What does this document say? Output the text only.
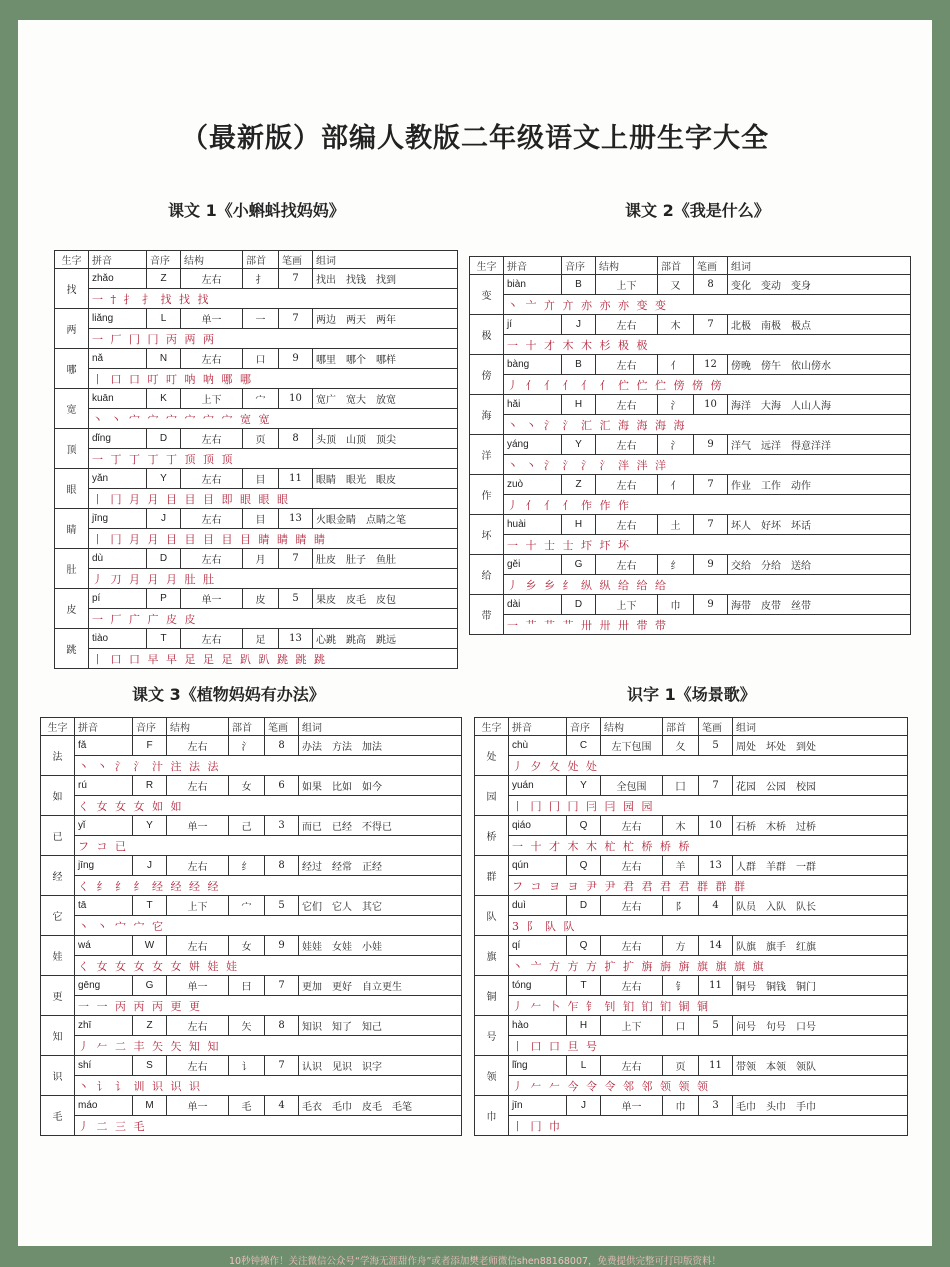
（最新版）部编人教版二年级语文上册生字大全
课文 1《小蝌蚪找妈妈》	课文 2《我是什么》
课文 3《植物妈妈有办法》	识字 1《场景歌》
生字	拼音	音序	结构	部首	笔画	组词
找	zhǎo	Z	左右	扌	7	找出　找钱　找到
	一 † 扌 扌 找 找 找					
两	liǎng	L	单一	一	7	两边　两天　两年
	一 厂 冂 冂 丙 两 两					
哪	nǎ	N	左右	口	9	哪里　哪个　哪样
	丨 口 口 叮 叮 呐 呐 哪 哪					
宽	kuān	K	上下	宀	10	宽广　宽大　放宽
	丶 丶 宀 宀 宀 宀 宀 宀 宽 宽					
顶	dǐng	D	左右	页	8	头顶　山顶　顶尖
	一 丁 丁 丁 丁 顶 顶 顶					
眼	yǎn	Y	左右	目	11	眼睛　眼光　眼皮
	丨 冂 月 月 目 目 目 即 眼 眼 眼					
睛	jīng	J	左右	目	13	火眼金睛　点睛之笔
	丨 冂 月 月 目 目 目 目 目 睛 睛 睛 睛					
肚	dù	D	左右	月	7	肚皮　肚子　鱼肚
	丿 刀 月 月 月 肚 肚					
皮	pí	P	单一	皮	5	果皮　皮毛　皮包
	一 厂 广 广 皮 皮					
跳	tiào	T	左右	足	13	心跳　跳高　跳远
	丨 口 口 早 早 足 足 足 趴 趴 跳 跳 跳					
生字	拼音	音序	结构	部首	笔画	组词
变	biàn	B	上下	又	8	变化　变动　变身
	丶 亠 亣 亣 亦 亦 亦 变 变					
极	jí	J	左右	木	7	北极　南极　极点
	一 十 才 木 木 杉 极 极					
傍	bàng	B	左右	亻	12	傍晚　傍午　依山傍水
	丿 亻 亻 亻 亻 亻 伫 伫 伫 傍 傍 傍					
海	hǎi	H	左右	氵	10	海洋　大海　人山人海
	丶 丶 氵 氵 汇 汇 海 海 海 海					
洋	yáng	Y	左右	氵	9	洋气　远洋　得意洋洋
	丶 丶 氵 氵 氵 氵 泮 泮 洋					
作	zuò	Z	左右	亻	7	作业　工作　动作
	丿 亻 亻 亻 作 作 作					
坏	huài	H	左右	土	7	坏人　好坏　坏话
	一 十 士 士 圷 圷 坏					
给	gěi	G	左右	纟	9	交给　分给　送给
	丿 乡 乡 纟 纵 纵 给 给 给					
带	dài	D	上下	巾	9	海带　皮带　丝带
	一 艹 艹 艹 卅 卅 卅 带 带					
生字	拼音	音序	结构	部首	笔画	组词
法	fǎ	F	左右	氵	8	办法　方法　加法
	丶 丶 氵 氵 汁 注 法 法					
如	rú	R	左右	女	6	如果　比如　如今
	く 女 女 女 如 如					
已	yǐ	Y	单一	己	3	而已　已经　不得已
	フ コ 已					
经	jīng	J	左右	纟	8	经过　经常　正经
	く 纟 纟 纟 经 经 经 经					
它	tā	T	上下	宀	5	它们　它人　其它
	丶 丶 宀 宀 它					
娃	wá	W	左右	女	9	娃娃　女娃　小娃
	く 女 女 女 女 女 妌 娃 娃					
更	gēng	G	单一	曰	7	更加　更好　自立更生
	一 一 丙 丙 丙 更 更					
知	zhī	Z	左右	矢	8	知识　知了　知己
	丿 𠂉 二 丰 矢 矢 知 知					
识	shí	S	左右	讠	7	认识　见识　识字
	丶 讠 讠 训 识 识 识					
毛	máo	M	单一	毛	4	毛衣　毛巾　皮毛　毛笔
	丿 二 三 毛					
生字	拼音	音序	结构	部首	笔画	组词
处	chù	C	左下包围	夂	5	周处　坏处　到处
	丿 夕 夂 处 处					
园	yuán	Y	全包围	囗	7	花园　公园　校园
	丨 冂 冂 冂 冃 冃 园 园					
桥	qiáo	Q	左右	木	10	石桥　木桥　过桥
	一 十 才 木 木 杧 杧 桥 桥 桥					
群	qún	Q	左右	羊	13	人群　羊群　一群
	フ コ ヨ ヨ 尹 尹 君 君 君 君 群 群 群					
队	duì	D	左右	阝	4	队员　入队　队长
	3 阝 队 队					
旗	qí	Q	左右	方	14	队旗　旗手　红旗
	丶 亠 方 方 方 扩 扩 旃 旃 旃 旗 旗 旗 旗					
铜	tóng	T	左右	钅	11	铜号　铜钱　铜门
	丿 𠂉 卜 乍 钅 钊 钔 钔 钔 铜 铜					
号	hào	H	上下	口	5	问号　句号　口号
	丨 口 口 旦 号					
领	lǐng	L	左右	页	11	带领　本领　领队
	丿 𠂉 𠂉 今 令 令 邻 邻 领 领 领					
巾	jīn	J	单一	巾	3	毛巾　头巾　手巾
	丨 冂 巾					
10秒钟操作！关注微信公众号“学海无涯甜作舟”或者添加樊老师微信shen88168007，免费提供完整可打印版资料！
